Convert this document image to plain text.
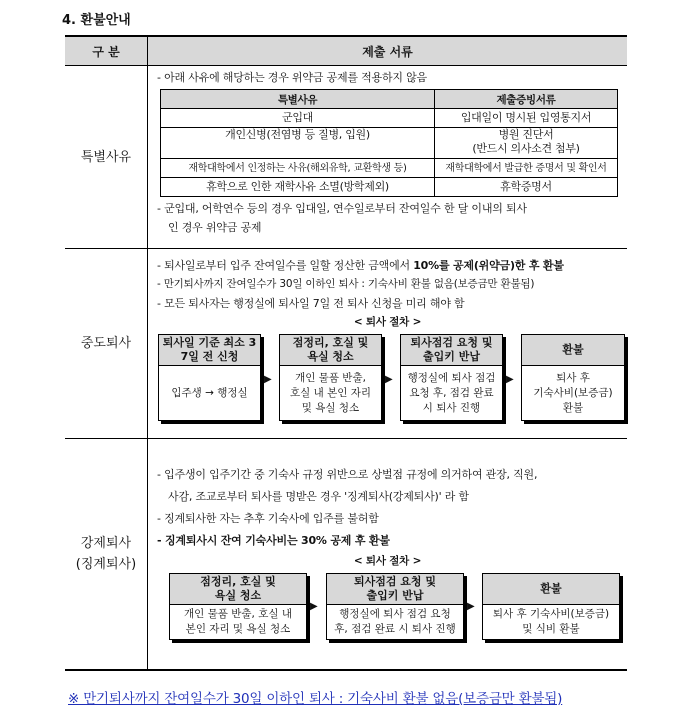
4. 환불안내
구 분	제출 서류
특별사유	
- 아래 사유에 해당하는 경우 위약금 공제를 적용하지 않음
특별사유	제출증빙서류
군입대	입대일이 명시된 입영통지서
개인신병(전염병 등 질병, 입원)	병원 진단서
(반드시 의사소견 첨부)

재학대학에서 인정하는 사유(해외유학, 교환학생 등)	재학대학에서 발급한 증명서 및 확인서
휴학으로 인한 재학사유 소멸(방학제외)	휴학증명서
- 군입대, 어학연수 등의 경우 입대일, 연수일로부터 잔여일수 한 달 이내의 퇴사
인 경우 위약금 공제

중도퇴사	
- 퇴사일로부터 입주 잔여일수를 일할 정산한 금액에서 10%를 공제(위약금)한 후 환불
- 만기퇴사까지 잔여일수가 30일 이하인 퇴사 : 기숙사비 환불 없음(보증금만 환불됨)
- 모든 퇴사자는 행정실에 퇴사일 7일 전 퇴사 신청을 미리 해야 함
< 퇴사 절차 >
퇴사일 기준 최소 3
7일 전 신청
입주생 → 행정실
▶
점정리, 호실 및
욕실 청소
개인 물품 반출,
호실 내 본인 자리
및 욕실 청소
▶
퇴사점검 요청 및
출입키 반납
행정실에 퇴사 점검
요청 후, 점검 완료
시 퇴사 진행
▶
환불
퇴사 후
기숙사비(보증금)
환불

강제퇴사
(징계퇴사)

- 입주생이 입주기간 중 기숙사 규정 위반으로 상벌점 규정에 의거하여 관장, 직원,
사감, 조교로부터 퇴사를 명받은 경우 '징계퇴사(강제퇴사)' 라 함
- 징계퇴사한 자는 추후 기숙사에 입주를 불허함
- 징계퇴사시 잔여 기숙사비는 30% 공제 후 환불
< 퇴사 절차 >
점정리, 호실 및
욕실 청소
개인 물품 반출, 호실 내
본인 자리 및 욕실 청소
▶
퇴사점검 요청 및
출입키 반납
행정실에 퇴사 점검 요청
후, 점검 완료 시 퇴사 진행
▶
환불
퇴사 후 기숙사비(보증금)
및 식비 환불
※ 만기퇴사까지 잔여일수가 30일 이하인 퇴사 : 기숙사비 환불 없음(보증금만 환불됨)
